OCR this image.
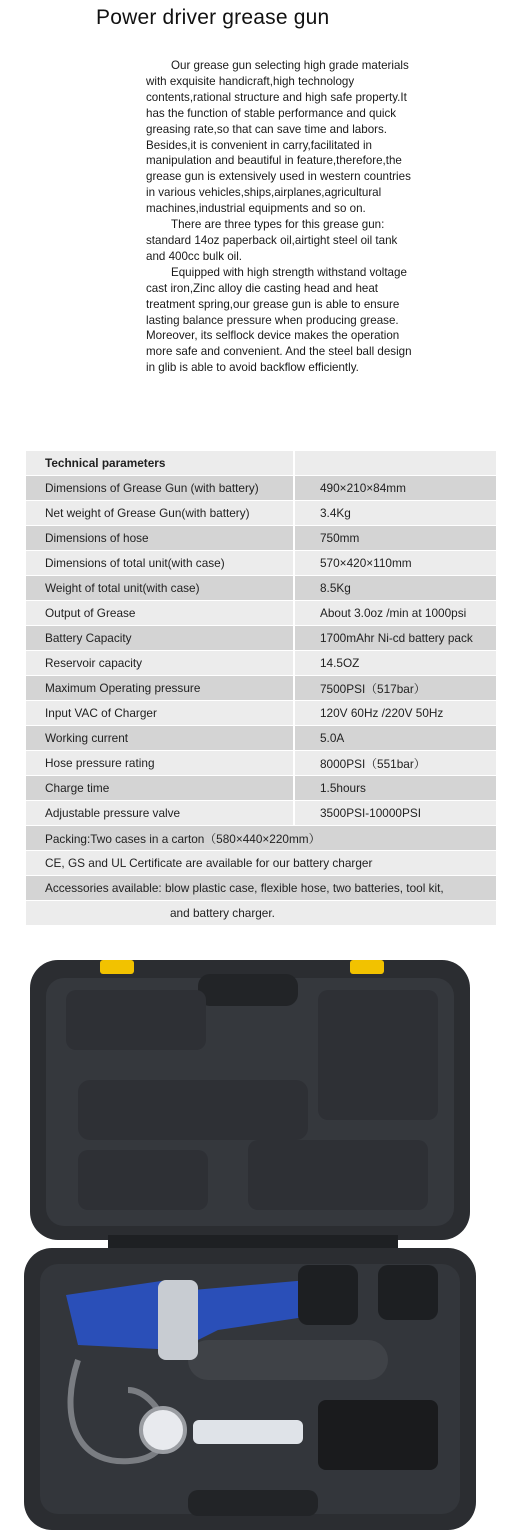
Power driver grease gun

Our grease gun selecting high grade materials with exquisite handicraft,high technology contents,rational structure and high safe property.It has the function of stable performance and quick greasing rate,so that can save time and labors. Besides,it is convenient in carry,facilitated in manipulation and beautiful in feature,therefore,the grease gun is extensively used in western countries in various vehicles,ships,airplanes,agricultural machines,industrial equipments and so on.

There are three types for this grease gun: standard 14oz paperback oil,airtight steel oil tank and 400cc bulk oil.

Equipped with high strength withstand voltage cast iron,Zinc alloy die casting head and heat treatment spring,our grease gun is able to ensure lasting balance pressure when producing grease. Moreover, its selflock device makes the operation more safe and convenient. And the steel ball design in glib is able to avoid backflow efficiently.

Technical parameters	
Dimensions of Grease Gun (with battery)	490×210×84mm
Net weight of Grease Gun(with battery)	3.4Kg
Dimensions of hose	750mm
Dimensions of total unit(with case)	570×420×110mm
Weight of total unit(with case)	8.5Kg
Output of Grease	About 3.0oz /min at 1000psi
Battery Capacity	1700mAhr Ni-cd battery pack
Reservoir capacity	14.5OZ
Maximum Operating pressure	7500PSI（517bar）
Input VAC of Charger	120V 60Hz /220V 50Hz
Working current	5.0A
Hose pressure rating	8000PSI（551bar）
Charge time	1.5hours
Adjustable pressure valve	3500PSI-10000PSI
Packing:Two cases in a carton（580×440×220mm）	
CE, GS and UL Certificate are available for our battery charger	
Accessories available: blow plastic case, flexible hose, two batteries, tool kit,	
and battery charger.	
